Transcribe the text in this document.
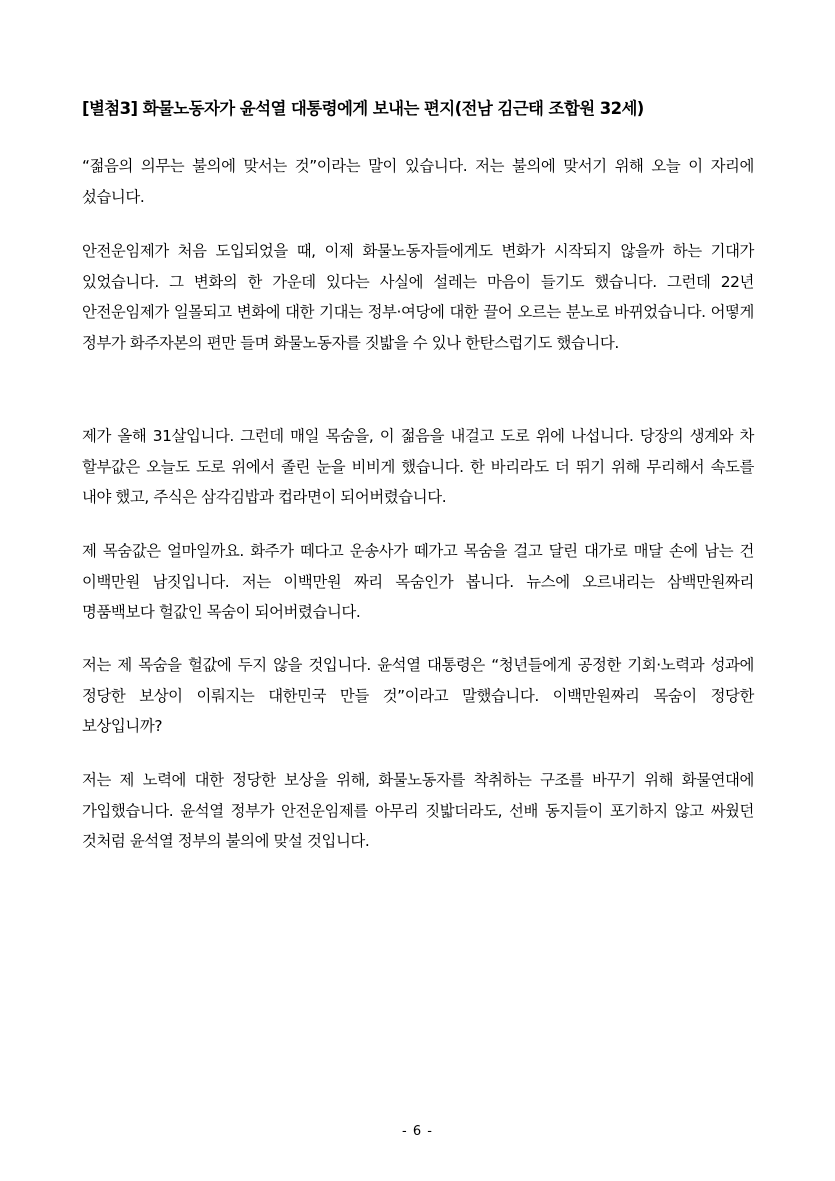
[별첨3] 화물노동자가 윤석열 대통령에게 보내는 편지(전남 김근태 조합원 32세)
“젊음의 의무는 불의에 맞서는 것”이라는 말이 있습니다. 저는 불의에 맞서기 위해 오늘 이 자리에 섰습니다.
안전운임제가 처음 도입되었을 때, 이제 화물노동자들에게도 변화가 시작되지 않을까 하는 기대가 있었습니다. 그 변화의 한 가운데 있다는 사실에 설레는 마음이 들기도 했습니다. 그런데 22년 안전운임제가 일몰되고 변화에 대한 기대는 정부·여당에 대한 끌어 오르는 분노로 바뀌었습니다. 어떻게 정부가 화주자본의 편만 들며 화물노동자를 짓밟을 수 있나 한탄스럽기도 했습니다.
제가 올해 31살입니다. 그런데 매일 목숨을, 이 젊음을 내걸고 도로 위에 나섭니다. 당장의 생계와 차 할부값은 오늘도 도로 위에서 졸린 눈을 비비게 했습니다. 한 바리라도 더 뛰기 위해 무리해서 속도를 내야 했고, 주식은 삼각김밥과 컵라면이 되어버렸습니다.
제 목숨값은 얼마일까요. 화주가 떼다고 운송사가 떼가고 목숨을 걸고 달린 대가로 매달 손에 남는 건 이백만원 남짓입니다. 저는 이백만원 짜리 목숨인가 봅니다. 뉴스에 오르내리는 삼백만원짜리 명품백보다 헐값인 목숨이 되어버렸습니다.
저는 제 목숨을 헐값에 두지 않을 것입니다. 윤석열 대통령은 “청년들에게 공정한 기회·노력과 성과에 정당한 보상이 이뤄지는 대한민국 만들 것”이라고 말했습니다. 이백만원짜리 목숨이 정당한 보상입니까?
저는 제 노력에 대한 정당한 보상을 위해, 화물노동자를 착취하는 구조를 바꾸기 위해 화물연대에 가입했습니다. 윤석열 정부가 안전운임제를 아무리 짓밟더라도, 선배 동지들이 포기하지 않고 싸웠던 것처럼 윤석열 정부의 불의에 맞설 것입니다.
- 6 -
